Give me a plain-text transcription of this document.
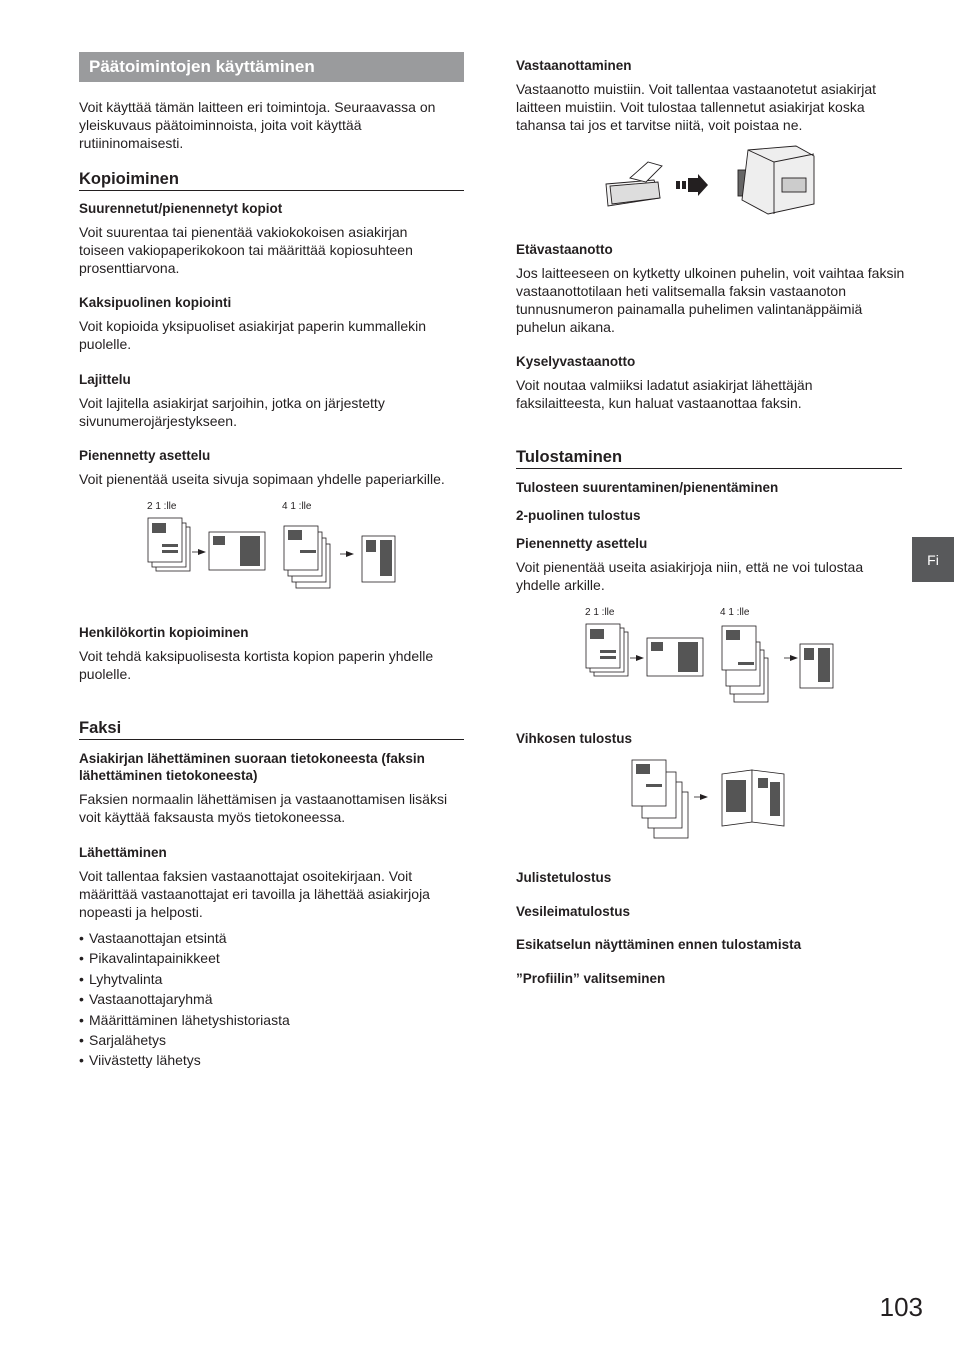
Päätoimintojen käyttäminen

Voit käyttää tämän laitteen eri toimintoja. Seuraavassa on yleiskuvaus päätoiminnoista, joita voit käyttää rutiininomaisesti.

Kopioiminen
Suurennetut/pienennetyt kopiot

Voit suurentaa tai pienentää vakiokokoisen asiakirjan toiseen vakiopaperikokoon tai määrittää kopiosuhteen prosenttiarvona.

Kaksipuolinen kopiointi

Voit kopioida yksipuoliset asiakirjat paperin kummallekin puolelle.

Lajittelu

Voit lajitella asiakirjat sarjoihin, jotka on järjestetty sivunumerojärjestykseen.

Pienennetty asettelu

Voit pienentää useita sivuja sopimaan yhdelle paperiarkille.

2 1 :lle	4 1 :lle
Henkilökortin kopioiminen

Voit tehdä kaksipuolisesta kortista kopion paperin yhdelle puolelle.

Faksi
Asiakirjan lähettäminen suoraan tietokoneesta (faksin lähettäminen tietokoneesta)

Faksien normaalin lähettämisen ja vastaanottamisen lisäksi voit käyttää faksausta myös tietokoneessa.

Lähettäminen

Voit tallentaa faksien vastaanottajat osoitekirjaan. Voit määrittää vastaanottajat eri tavoilla ja lähettää asiakirjoja nopeasti ja helposti.

• Vastaanottajan etsintä
• Pikavalintapainikkeet
• Lyhytvalinta
• Vastaanottajaryhmä
• Määrittäminen lähetyshistoriasta
• Sarjalähetys
• Viivästetty lähetys
Vastaanottaminen

Vastaanotto muistiin. Voit tallentaa vastaanotetut asiakirjat laitteen muistiin. Voit tulostaa tallennetut asiakirjat koska tahansa tai jos et tarvitse niitä, voit poistaa ne.

Etävastaanotto

Jos laitteeseen on kytketty ulkoinen puhelin, voit vaihtaa faksin vastaanottotilaan heti valitsemalla faksin vastaanoton tunnusnumeron painamalla puhelimen valintanäppäimiä puhelun aikana.

Kyselyvastaanotto

Voit noutaa valmiiksi ladatut asiakirjat lähettäjän faksilaitteesta, kun haluat vastaanottaa faksin.

Tulostaminen
Tulosteen suurentaminen/pienentäminen
2-puolinen tulostus
Pienennetty asettelu

Voit pienentää useita asiakirjoja niin, että ne voi tulostaa yhdelle arkille.

2 1 :lle	4 1 :lle
Vihkosen tulostus
Julistetulostus
Vesileimatulostus
Esikatselun näyttäminen ennen tulostamista
”Profiilin” valitseminen
Fi
103
